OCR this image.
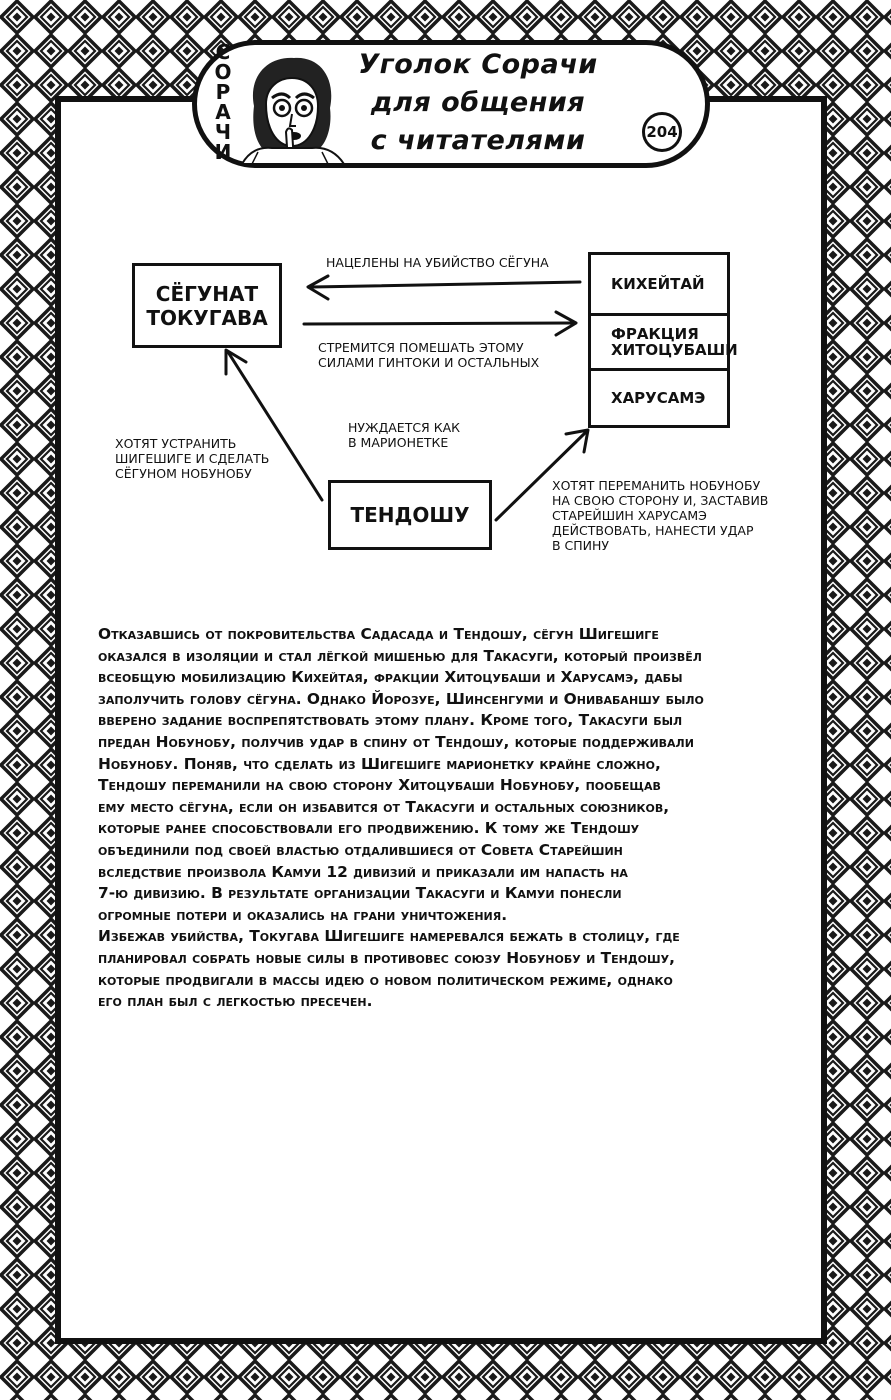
С
О
Р
А
Ч
И
Уголок Сорачи
для общения
с читателями	204
СЁГУНАТ
ТОКУГАВА
КИХЕЙТАЙ
ФРАКЦИЯ
ХИТОЦУБАШИ
ХАРУСАМЭ
ТЕНДОШУ
НАЦЕЛЕНЫ НА УБИЙСТВО СЁГУНА
СТРЕМИТСЯ ПОМЕШАТЬ ЭТОМУ
СИЛАМИ ГИНТОКИ И ОСТАЛЬНЫХ
НУЖДАЕТСЯ КАК
В МАРИОНЕТКЕ
ХОТЯТ УСТРАНИТЬ
ШИГЕШИГЕ И СДЕЛАТЬ
СЁГУНОМ НОБУНОБУ
ХОТЯТ ПЕРЕМАНИТЬ НОБУНОБУ
НА СВОЮ СТОРОНУ И, ЗАСТАВИВ
СТАРЕЙШИН ХАРУСАМЭ
ДЕЙСТВОВАТЬ, НАНЕСТИ УДАР
В СПИНУ

Отказавшись от покровительства Садасада и Тендошу, сёгун Шигешиге
оказался в изоляции и стал лёгкой мишенью для Такасуги, который произвёл
всеобщую мобилизацию Кихейтая, фракции Хитоцубаши и Харусамэ, дабы
заполучить голову сёгуна. Однако Йорозуе, Шинсенгуми и Онивабаншу было
вверено задание воспрепятствовать этому плану. Кроме того, Такасуги был
предан Нобунобу, получив удар в спину от Тендошу, которые поддерживали
Нобунобу. Поняв, что сделать из Шигешиге марионетку крайне сложно,
Тендошу переманили на свою сторону Хитоцубаши Нобунобу, пообещав
ему место сёгуна, если он избавится от Такасуги и остальных союзников,
которые ранее способствовали его продвижению. К тому же Тендошу
объединили под своей властью отдалившиеся от Совета Старейшин
вследствие произвола Камуи 12 дивизий и приказали им напасть на
7-ю дивизию. В результате организации Такасуги и Камуи понесли
огромные потери и оказались на грани уничтожения.

Избежав убийства, Токугава Шигешиге намеревался бежать в столицу, где
планировал собрать новые силы в противовес союзу Нобунобу и Тендошу,
которые продвигали в массы идею о новом политическом режиме, однако
его план был с легкостью пресечен.
